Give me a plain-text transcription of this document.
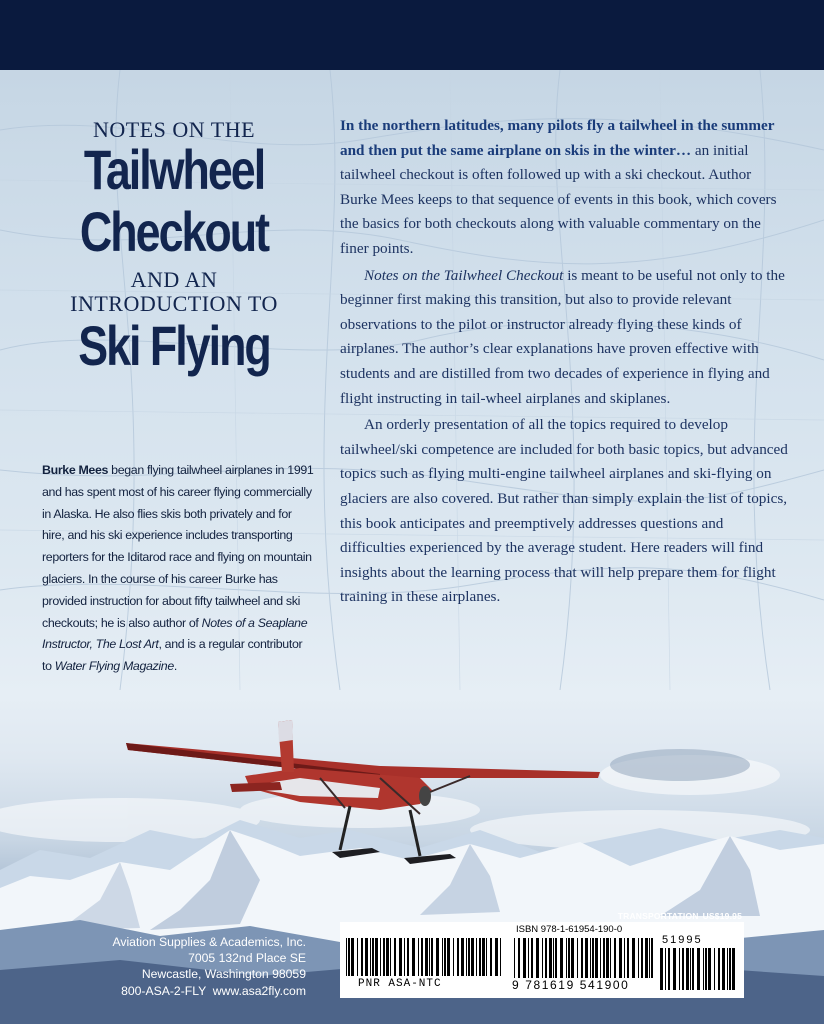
NOTES ON THE
Tailwheel
Checkout
AND AN
INTRODUCTION TO
Ski Flying
Burke Mees began flying tailwheel airplanes in 1991 and has spent most of his career flying commercially in Alaska. He also flies skis both privately and for hire, and his ski experience includes transporting reporters for the Iditarod race and flying on mountain glaciers. In the course of his career Burke has provided instruction for about fifty tailwheel and ski checkouts; he is also author of Notes of a Seaplane Instructor, The Lost Art, and is a regular contributor to Water Flying Magazine.

In the northern latitudes, many pilots fly a tailwheel in the summer and then put the same airplane on skis in the winter… an initial tailwheel checkout is often followed up with a ski checkout. Author Burke Mees keeps to that sequence of events in this book, which covers the basics for both checkouts along with valuable commentary on the finer points.

Notes on the Tailwheel Checkout is meant to be useful not only to the beginner first making this transition, but also to provide relevant observations to the pilot or instructor already flying these kinds of airplanes. The author’s clear explanations have proven effective with students and are distilled from two decades of experience in flying and flight instructing in tail-wheel airplanes and skiplanes.

An orderly presentation of all the topics required to develop tailwheel/ski competence are included for both basic topics, but advanced topics such as flying multi-engine tailwheel airplanes and ski-flying on glaciers are also covered. But rather than simply explain the list of topics, this book anticipates and preemptively addresses questions and difficulties experienced by the average student. Here readers will find insights about the learning process that will help prepare them for flight training in these airplanes.

Aviation Supplies & Academics, Inc.
7005 132nd Place SE
Newcastle, Washington 98059
800-ASA-2-FLY  www.asa2fly.com
TRANSPORTATION US$19.95
PNR ASA-NTC
ISBN 978-1-61954-190-0
9 781619 541900
51995
